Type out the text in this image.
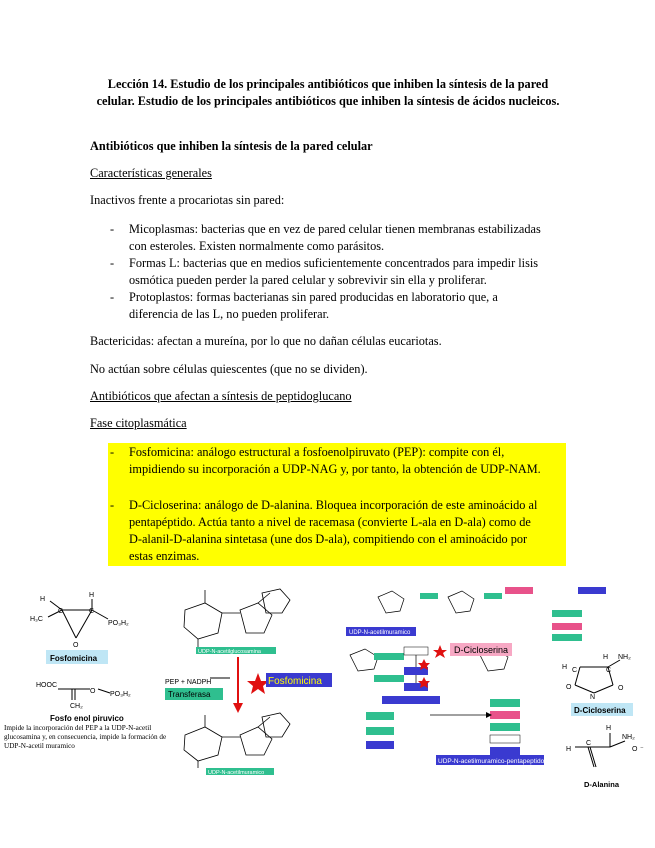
Lección 14. Estudio de los principales antibióticos que inhiben la síntesis de la pared celular. Estudio de los principales antibióticos que inhiben la síntesis de ácidos nucleicos.
Antibióticos que inhiben la síntesis de la pared celular
Características generales
Inactivos frente a procariotas sin pared:
- Micoplasmas: bacterias que en vez de pared celular tienen membranas estabilizadas
con esteroles. Existen normalmente como parásitos.
- Formas L: bacterias que en medios suficientemente concentrados para impedir lisis
osmótica pueden perder la pared celular y sobrevivir sin ella y proliferar.
- Protoplastos: formas bacterianas sin pared producidas en laboratorio que, a
diferencia de las L, no pueden proliferar.
Bactericidas: afectan a mureína, por lo que no dañan células eucariotas.
No actúan sobre células quiescentes (que no se dividen).
Antibióticos que afectan a síntesis de peptidoglucano
Fase citoplasmática
- Fosfomicina: análogo estructural a fosfoenolpiruvato (PEP): compite con él,
impidiendo su incorporación a UDP-NAG y, por tanto, la obtención de UDP-NAM.
- D-Cicloserina: análogo de D-alanina. Bloquea incorporación de este aminoácido al
pentapéptido. Actúa tanto a nivel de racemasa (convierte L-ala en D-ala) como de
D-alanil-D-alanina sintetasa (une dos D-ala), compitiendo con el aminoácido por
estas enzimas.
H
H
H₃C
C	C
PO₃H₂
O
Fosfomicina
HOOC
O PO₃H₂
CH₂
Fosfo enol piruvico
UDP-N-acetilglucosamina
PEP + NADPH
Transferasa
Fosfomicina
UDP-N-acetilmuramico
UDP-N-acetilmuramico
D-Cicloserina
UDP-N-acetilmuramico-pentapeptido
H
H NH₂
C	C
O
N
O
D-Cicloserina
H
H
NH₂
C
O ⁻
D-Alanina
Impide la incorporación del PEP a la UDP-N-acetil glucosamina y, en consecuencia, impide la formación de UDP-N-acetil muramico
